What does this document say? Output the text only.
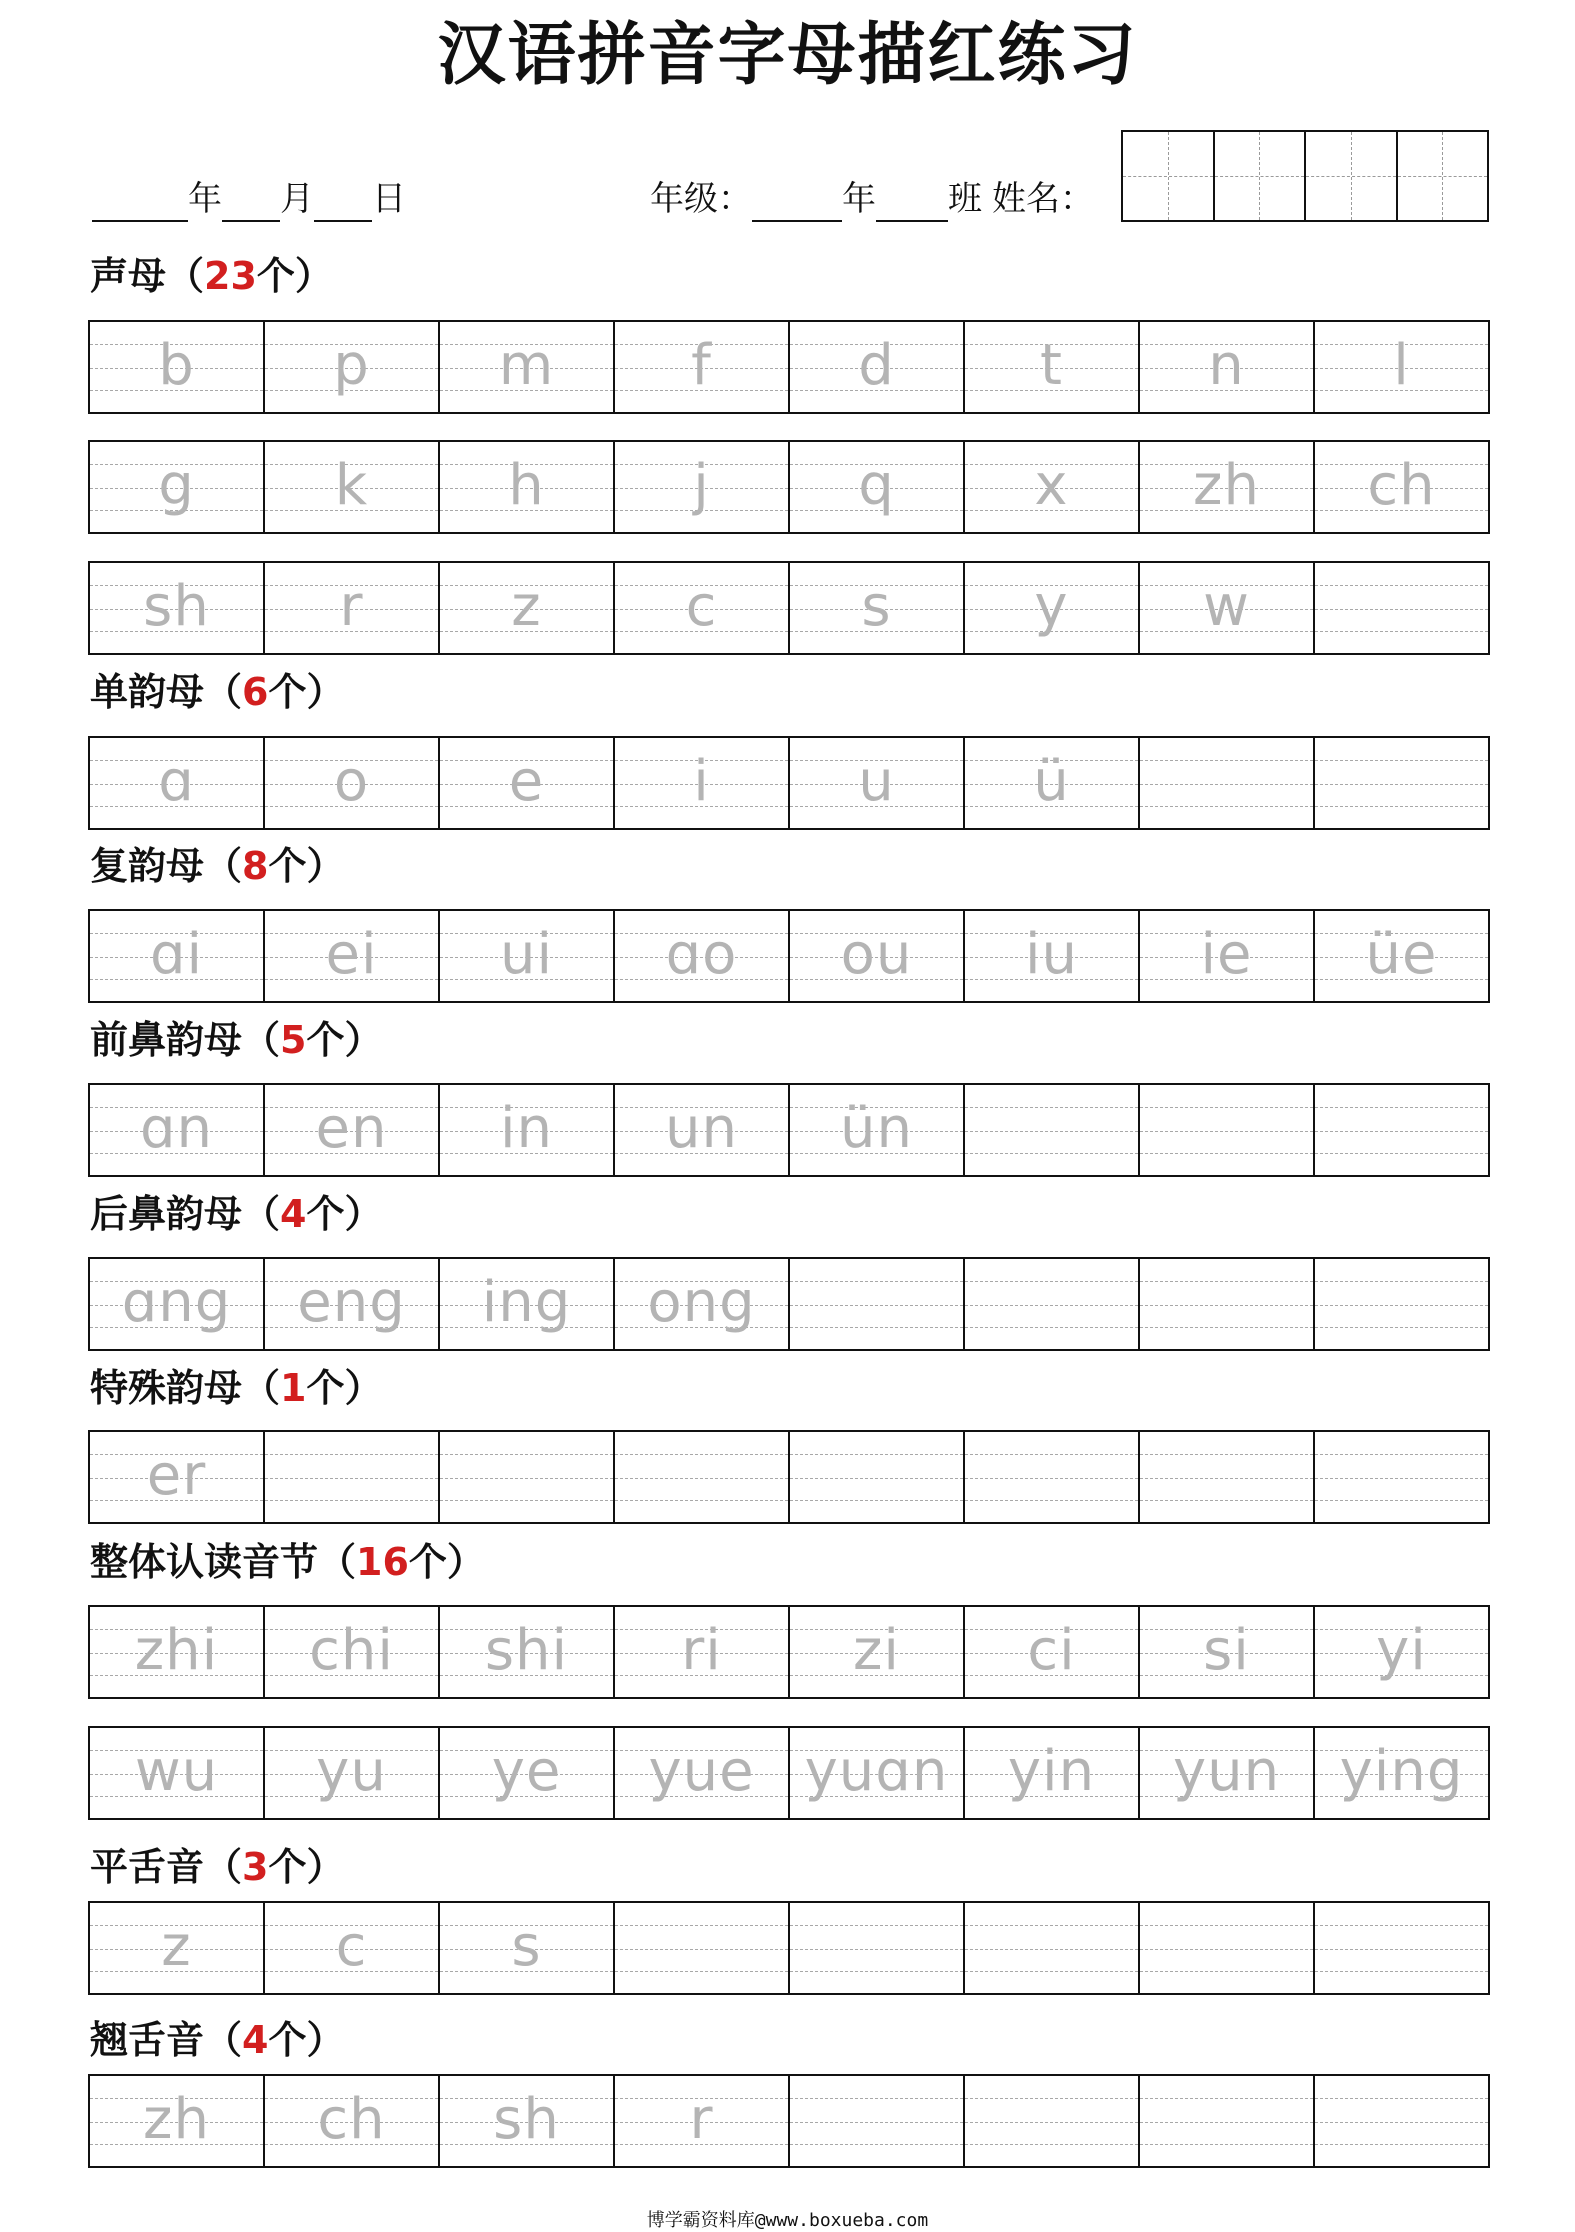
汉语拼音字母描红练习
年 月 日	年级：	年 班 姓名：
声母（23个）
b	p	m	f	d	t	n	l
g	k	h	j	q	x	zh	ch
sh	r	z	c	s	y	w
单韵母（6个）
ɑ	o	e	i	u	ü
复韵母（8个）
ɑi	ei	ui	ɑo	ou	iu	ie	üe
前鼻韵母（5个）
ɑn	en	in	un	ün
后鼻韵母（4个）
ɑng	eng	ing	ong
特殊韵母（1个）
er
整体认读音节（16个）
zhi	chi	shi	ri	zi	ci	si	yi
wu	yu	ye	yue yuɑn	yin	yun	ying
平舌音（3个）
z	c	s
翘舌音（4个）
zh	ch	sh	r
博学霸资料库@www.boxueba.com
